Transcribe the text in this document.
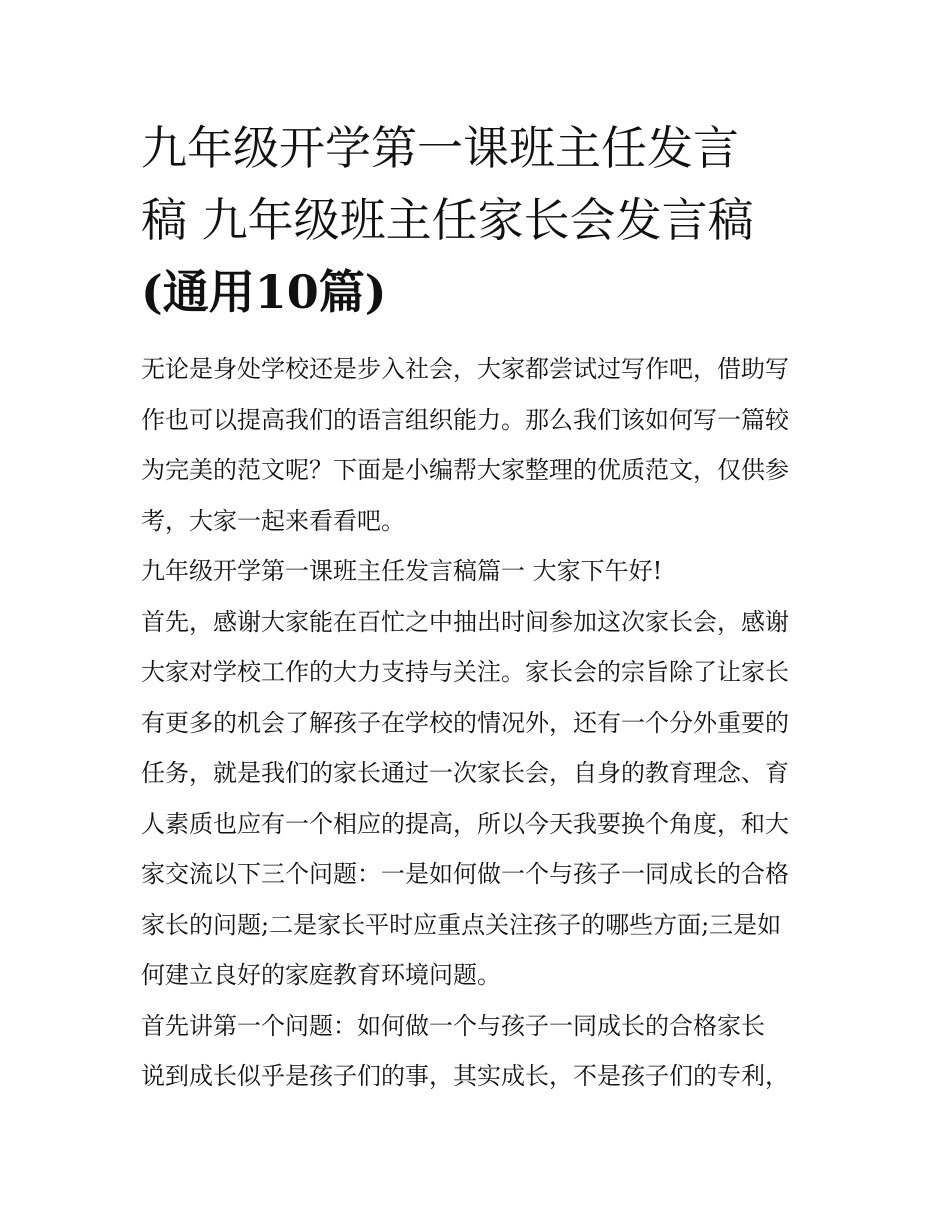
九年级开学第一课班主任发言
稿 九年级班主任家长会发言稿
(通用10篇)
无论是身处学校还是步入社会，大家都尝试过写作吧，借助写
作也可以提高我们的语言组织能力。那么我们该如何写一篇较
为完美的范文呢？下面是小编帮大家整理的优质范文，仅供参
考，大家一起来看看吧。
九年级开学第一课班主任发言稿篇一 大家下午好!
首先，感谢大家能在百忙之中抽出时间参加这次家长会，感谢
大家对学校工作的大力支持与关注。家长会的宗旨除了让家长
有更多的机会了解孩子在学校的情况外，还有一个分外重要的
任务，就是我们的家长通过一次家长会，自身的教育理念、育
人素质也应有一个相应的提高，所以今天我要换个角度，和大
家交流以下三个问题：一是如何做一个与孩子一同成长的合格
家长的问题;二是家长平时应重点关注孩子的哪些方面;三是如
何建立良好的家庭教育环境问题。
首先讲第一个问题：如何做一个与孩子一同成长的合格家长
说到成长似乎是孩子们的事，其实成长，不是孩子们的专利，
